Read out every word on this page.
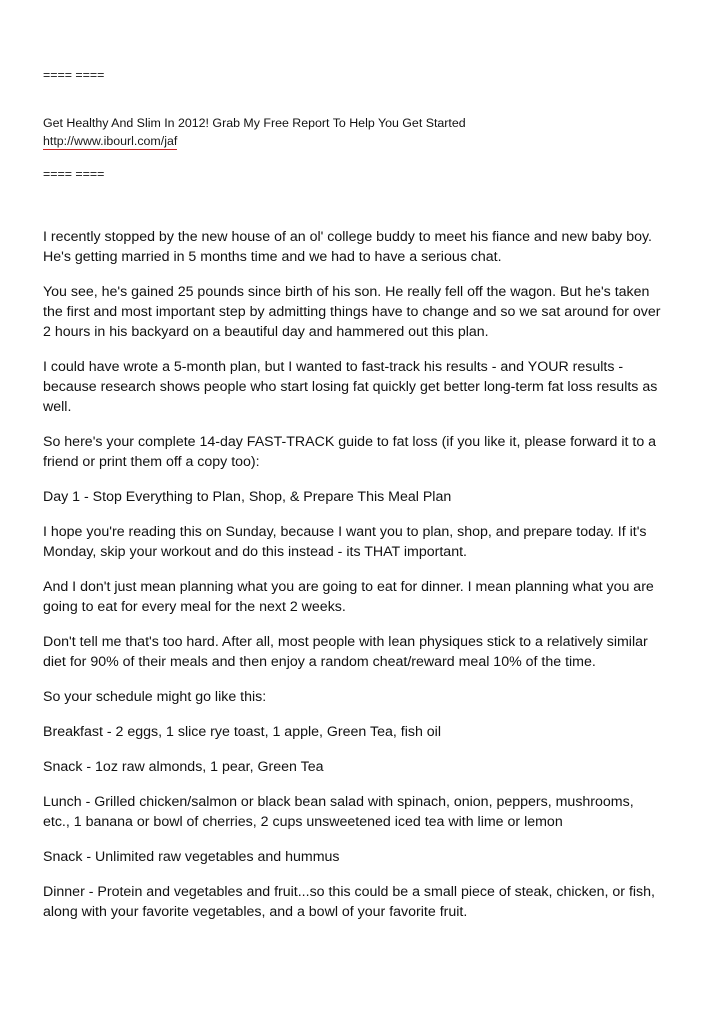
==== ====
Get Healthy And Slim In 2012! Grab My Free Report To Help You Get Started
http://www.ibourl.com/jaf
==== ====

I recently stopped by the new house of an ol' college buddy to meet his fiance and new baby boy.
He's getting married in 5 months time and we had to have a serious chat.

You see, he's gained 25 pounds since birth of his son. He really fell off the wagon. But he's taken
the first and most important step by admitting things have to change and so we sat around for over
2 hours in his backyard on a beautiful day and hammered out this plan.

I could have wrote a 5-month plan, but I wanted to fast-track his results - and YOUR results -
because research shows people who start losing fat quickly get better long-term fat loss results as
well.

So here's your complete 14-day FAST-TRACK guide to fat loss (if you like it, please forward it to a
friend or print them off a copy too):

Day 1 - Stop Everything to Plan, Shop, & Prepare This Meal Plan

I hope you're reading this on Sunday, because I want you to plan, shop, and prepare today. If it's
Monday, skip your workout and do this instead - its THAT important.

And I don't just mean planning what you are going to eat for dinner. I mean planning what you are
going to eat for every meal for the next 2 weeks.

Don't tell me that's too hard. After all, most people with lean physiques stick to a relatively similar
diet for 90% of their meals and then enjoy a random cheat/reward meal 10% of the time.

So your schedule might go like this:

Breakfast - 2 eggs, 1 slice rye toast, 1 apple, Green Tea, fish oil

Snack - 1oz raw almonds, 1 pear, Green Tea

Lunch - Grilled chicken/salmon or black bean salad with spinach, onion, peppers, mushrooms,
etc., 1 banana or bowl of cherries, 2 cups unsweetened iced tea with lime or lemon

Snack - Unlimited raw vegetables and hummus

Dinner - Protein and vegetables and fruit...so this could be a small piece of steak, chicken, or fish,
along with your favorite vegetables, and a bowl of your favorite fruit.
